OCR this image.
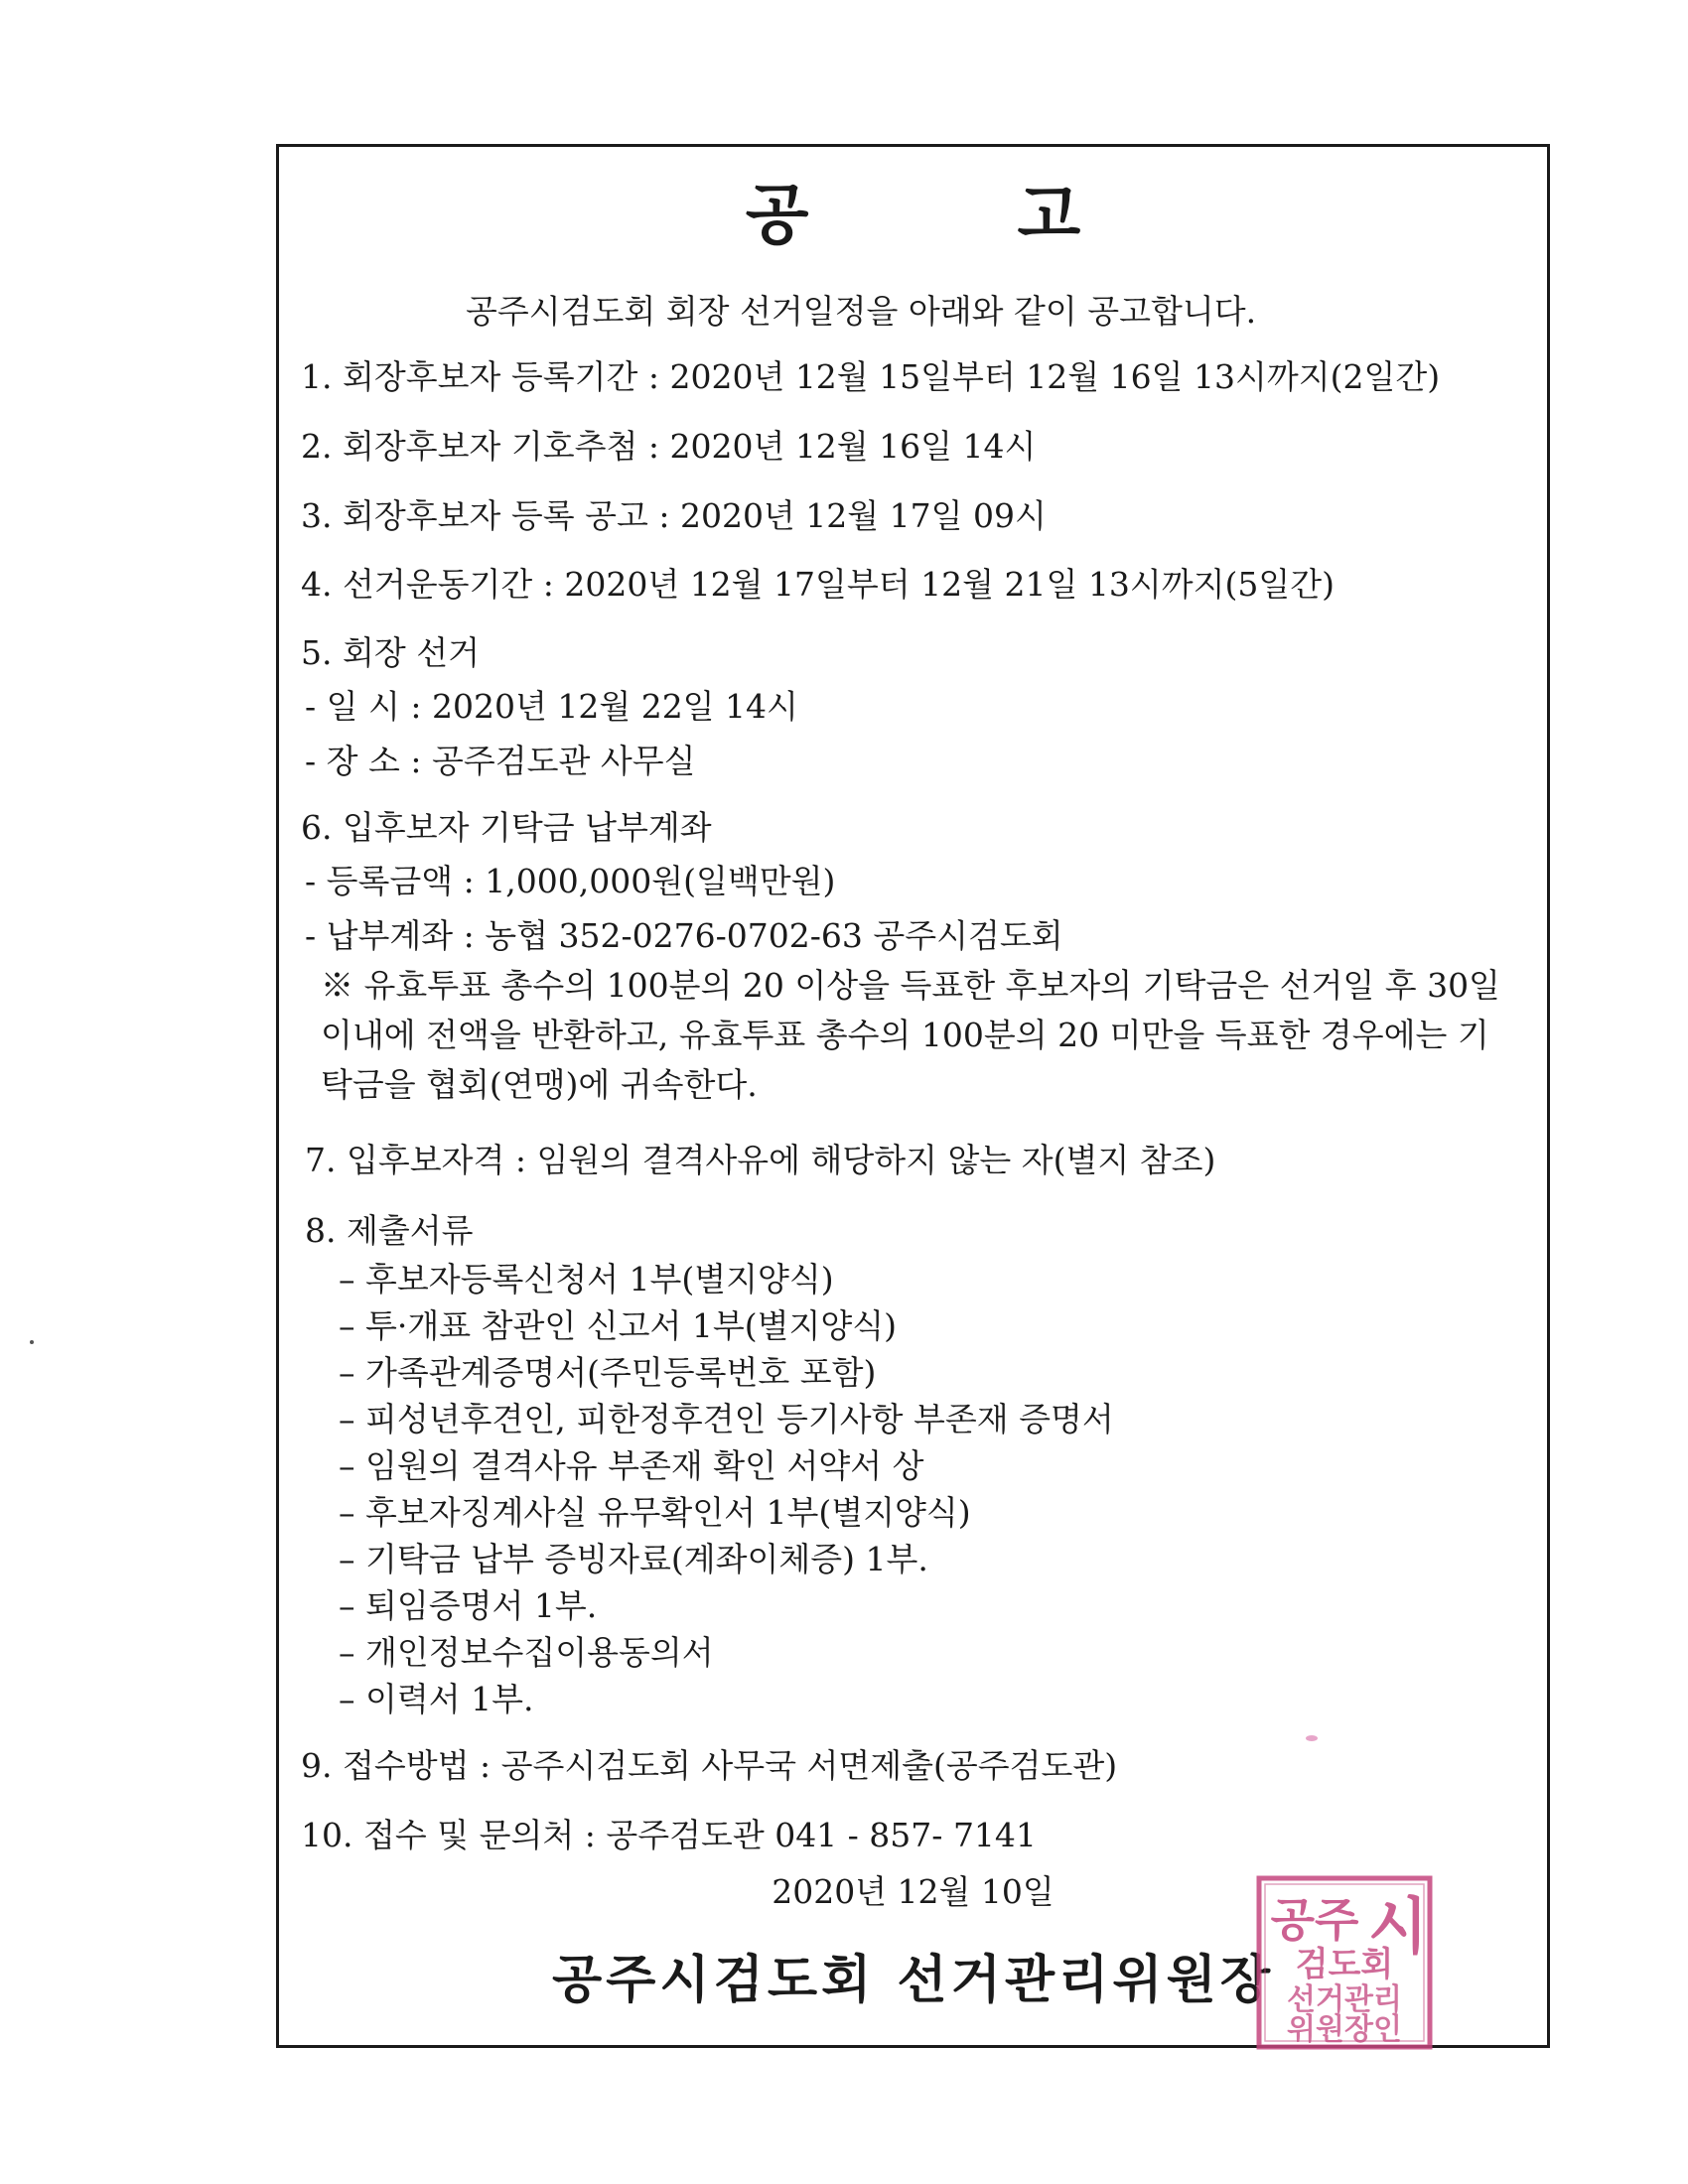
공고
공주시검도회 회장 선거일정을 아래와 같이 공고합니다.
1. 회장후보자 등록기간 : 2020년 12월 15일부터 12월 16일 13시까지(2일간)
2. 회장후보자 기호추첨 : 2020년 12월 16일 14시
3. 회장후보자 등록 공고 : 2020년 12월 17일 09시
4. 선거운동기간 : 2020년 12월 17일부터 12월 21일 13시까지(5일간)
5. 회장 선거
- 일 시 : 2020년 12월 22일 14시
- 장 소 : 공주검도관 사무실
6. 입후보자 기탁금 납부계좌
- 등록금액 : 1,000,000원(일백만원)
- 납부계좌 : 농협 352-0276-0702-63 공주시검도회
※ 유효투표 총수의 100분의 20 이상을 득표한 후보자의 기탁금은 선거일 후 30일 이내에 전액을 반환하고, 유효투표 총수의 100분의 20 미만을 득표한 경우에는 기탁금을 협회(연맹)에 귀속한다.
7. 입후보자격 : 임원의 결격사유에 해당하지 않는 자(별지 참조)
8. 제출서류
– 후보자등록신청서 1부(별지양식)
– 투·개표 참관인 신고서 1부(별지양식)
– 가족관계증명서(주민등록번호 포함)
– 피성년후견인, 피한정후견인 등기사항 부존재 증명서
– 임원의 결격사유 부존재 확인 서약서 상
– 후보자징계사실 유무확인서 1부(별지양식)
– 기탁금 납부 증빙자료(계좌이체증) 1부.
– 퇴임증명서 1부.
– 개인정보수집이용동의서
– 이력서 1부.
9. 접수방법 : 공주시검도회 사무국 서면제출(공주검도관)
10. 접수 및 문의처 : 공주검도관 041 - 857- 7141
2020년 12월 10일
공주시검도회 선거관리위원장
공주 시
검도회
선거관리
위원장인
